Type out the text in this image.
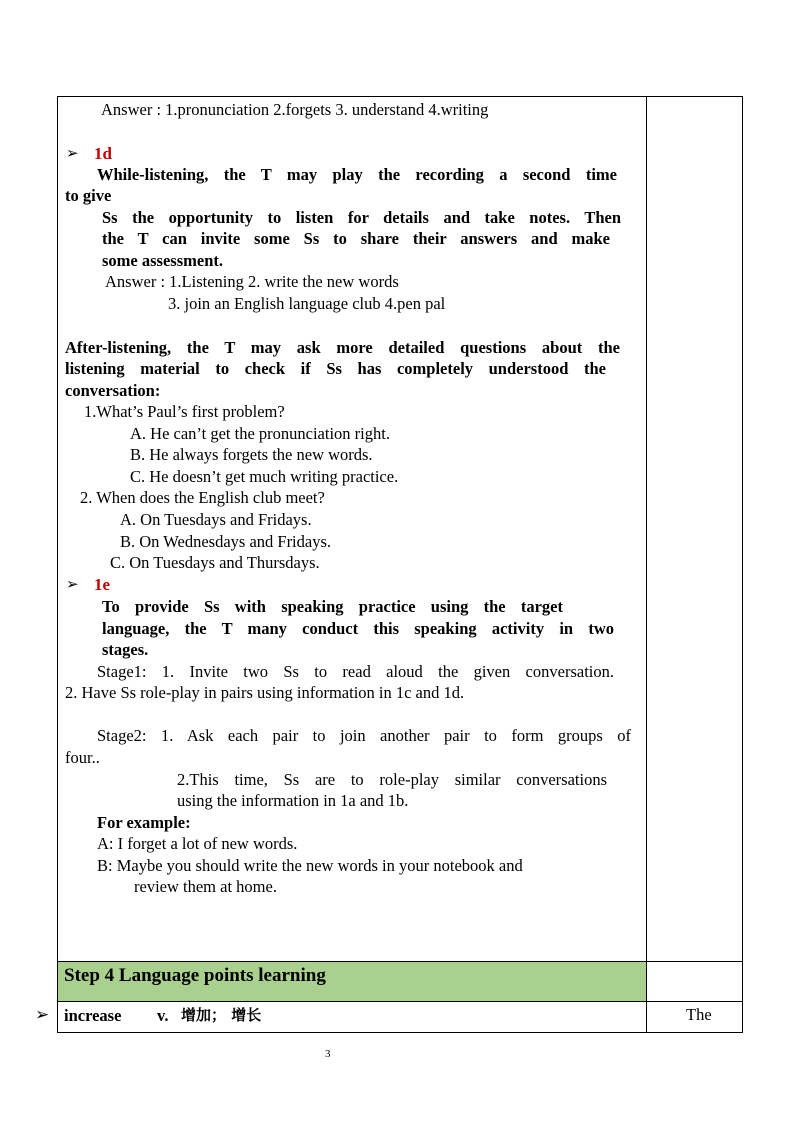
Answer : 1.pronunciation 2.forgets 3. understand 4.writing
➢ 1d
While-listening, the T may play the recording a second time
to give
Ss the opportunity to listen for details and take notes. Then
the T can invite some Ss to share their answers and make
some assessment.
Answer : 1.Listening 2. write the new words
3. join an English language club 4.pen pal
After-listening, the T may ask more detailed questions about the
listening material to check if Ss has completely understood the
conversation:
1.What’s Paul’s first problem?
A. He can’t get the pronunciation right.
B. He always forgets the new words.
C. He doesn’t get much writing practice.
2. When does the English club meet?
A. On Tuesdays and Fridays.
B. On Wednesdays and Fridays.
C. On Tuesdays and Thursdays.
➢ 1e
To provide Ss with speaking practice using the target
language, the T many conduct this speaking activity in two
stages.
Stage1: 1. Invite two Ss to read aloud the given conversation.
2. Have Ss role-play in pairs using information in 1c and 1d.
Stage2: 1. Ask each pair to join another pair to form groups of
four..
2.This time, Ss are to role-play similar conversations
using the information in 1a and 1b.
For example:
A: I forget a lot of new words.
B: Maybe you should write the new words in your notebook and
review them at home.
Step 4 Language points learning
➢ increase v. 增加； 增长	The
3
